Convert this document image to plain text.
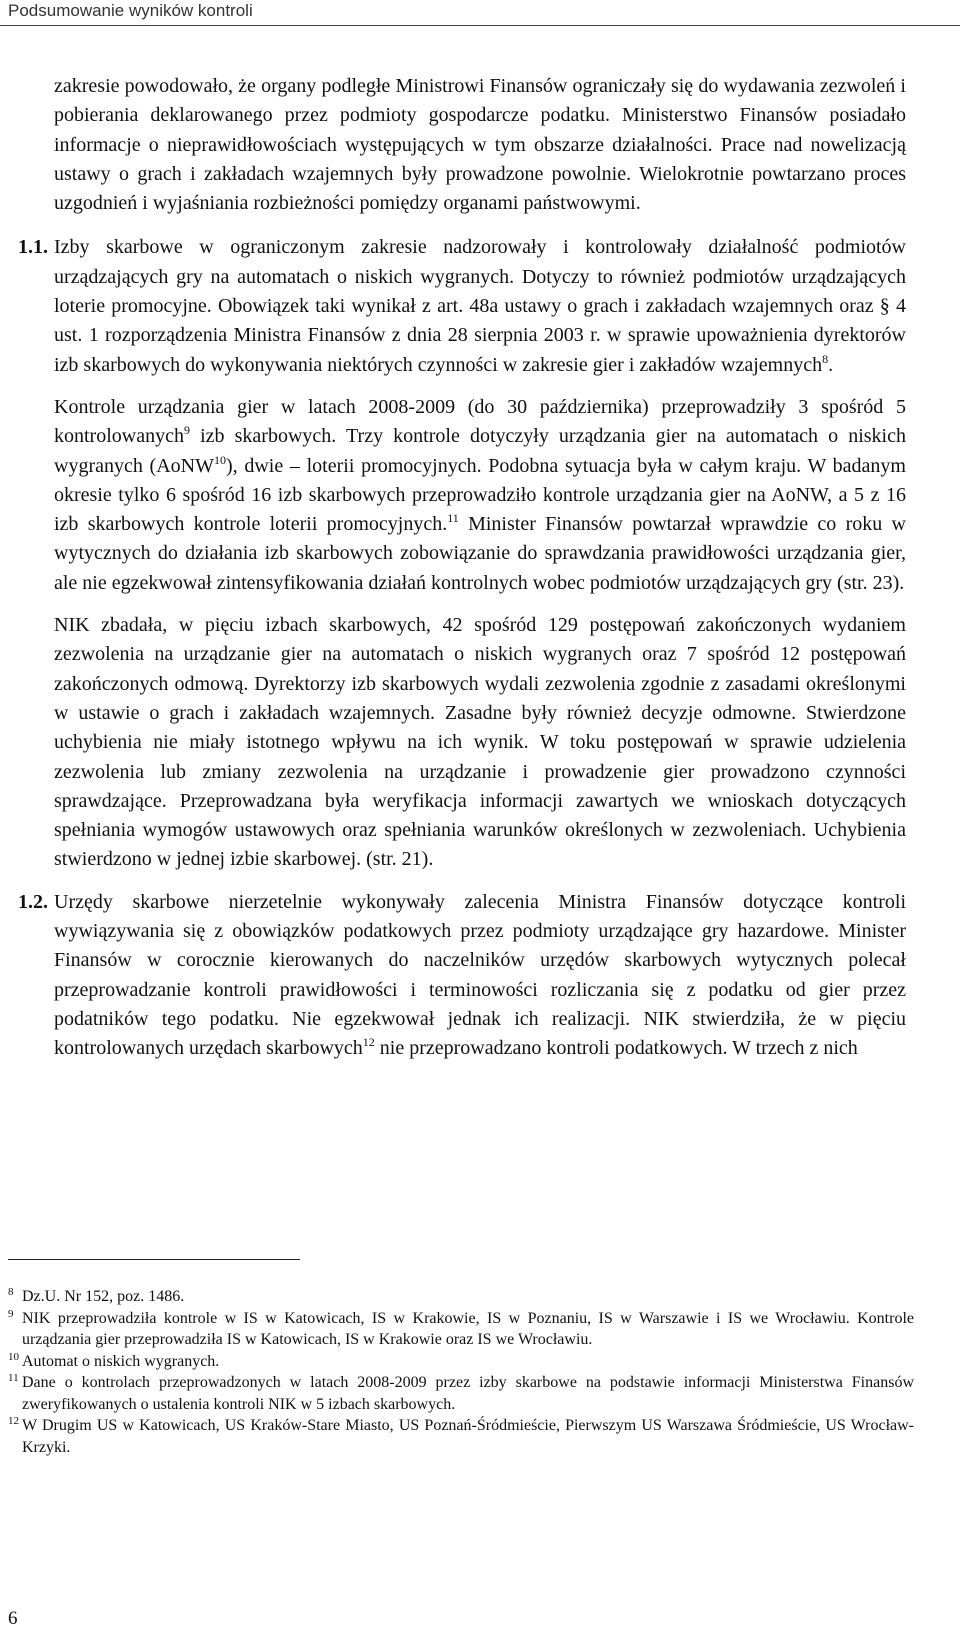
Podsumowanie wyników kontroli

zakresie powodowało, że organy podległe Ministrowi Finansów ograniczały się do wydawania zezwoleń i pobierania deklarowanego przez podmioty gospodarcze podatku. Ministerstwo Finansów posiadało informacje o nieprawidłowościach występujących w tym obszarze działalności. Prace nad nowelizacją ustawy o grach i zakładach wzajemnych były prowadzone powolnie. Wielokrotnie powtarzano proces uzgodnień i wyjaśniania rozbieżności pomiędzy organami państwowymi.

1.1. Izby skarbowe w ograniczonym zakresie nadzorowały i kontrolowały działalność podmiotów urządzających gry na automatach o niskich wygranych. Dotyczy to również podmiotów urządzających loterie promocyjne. Obowiązek taki wynikał z art. 48a ustawy o grach i zakładach wzajemnych oraz § 4 ust. 1 rozporządzenia Ministra Finansów z dnia 28 sierpnia 2003 r. w sprawie upoważnienia dyrektorów izb skarbowych do wykonywania niektórych czynności w zakresie gier i zakładów wzajemnych$^8$.

Kontrole urządzania gier w latach 2008-2009 (do 30 października) przeprowadziły 3 spośród 5 kontrolowanych$^9$ izb skarbowych. Trzy kontrole dotyczyły urządzania gier na automatach o niskich wygranych (AoNW$^{10}$), dwie – loterii promocyjnych. Podobna sytuacja była w całym kraju. W badanym okresie tylko 6 spośród 16 izb skarbowych przeprowadziło kontrole urządzania gier na AoNW, a 5 z 16 izb skarbowych kontrole loterii promocyjnych.$^{11}$ Minister Finansów powtarzał wprawdzie co roku w wytycznych do działania izb skarbowych zobowiązanie do sprawdzania prawidłowości urządzania gier, ale nie egzekwował zintensyfikowania działań kontrolnych wobec podmiotów urządzających gry (str. 23).

NIK zbadała, w pięciu izbach skarbowych, 42 spośród 129 postępowań zakończonych wydaniem zezwolenia na urządzanie gier na automatach o niskich wygranych oraz 7 spośród 12 postępowań zakończonych odmową. Dyrektorzy izb skarbowych wydali zezwolenia zgodnie z zasadami określonymi w ustawie o grach i zakładach wzajemnych. Zasadne były również decyzje odmowne. Stwierdzone uchybienia nie miały istotnego wpływu na ich wynik. W toku postępowań w sprawie udzielenia zezwolenia lub zmiany zezwolenia na urządzanie i prowadzenie gier prowadzono czynności sprawdzające. Przeprowadzana była weryfikacja informacji zawartych we wnioskach dotyczących spełniania wymogów ustawowych oraz spełniania warunków określonych w zezwoleniach. Uchybienia stwierdzono w jednej izbie skarbowej. (str. 21).

1.2. Urzędy skarbowe nierzetelnie wykonywały zalecenia Ministra Finansów dotyczące kontroli wywiązywania się z obowiązków podatkowych przez podmioty urządzające gry hazardowe. Minister Finansów w corocznie kierowanych do naczelników urzędów skarbowych wytycznych polecał przeprowadzanie kontroli prawidłowości i terminowości rozliczania się z podatku od gier przez podatników tego podatku. Nie egzekwował jednak ich realizacji. NIK stwierdziła, że w pięciu kontrolowanych urzędach skarbowych$^{12}$ nie przeprowadzano kontroli podatkowych. W trzech z nich
8 Dz.U. Nr 152, poz. 1486.
9 NIK przeprowadziła kontrole w IS w Katowicach, IS w Krakowie, IS w Poznaniu, IS w Warszawie i IS we Wrocławiu. Kontrole urządzania gier przeprowadziła IS w Katowicach, IS w Krakowie oraz IS we Wrocławiu.
10 Automat o niskich wygranych.
11 Dane o kontrolach przeprowadzonych w latach 2008-2009 przez izby skarbowe na podstawie informacji Ministerstwa Finansów zweryfikowanych o ustalenia kontroli NIK w 5 izbach skarbowych.
12 W Drugim US w Katowicach, US Kraków-Stare Miasto, US Poznań-Śródmieście, Pierwszym US Warszawa Śródmieście, US Wrocław-Krzyki.
6
